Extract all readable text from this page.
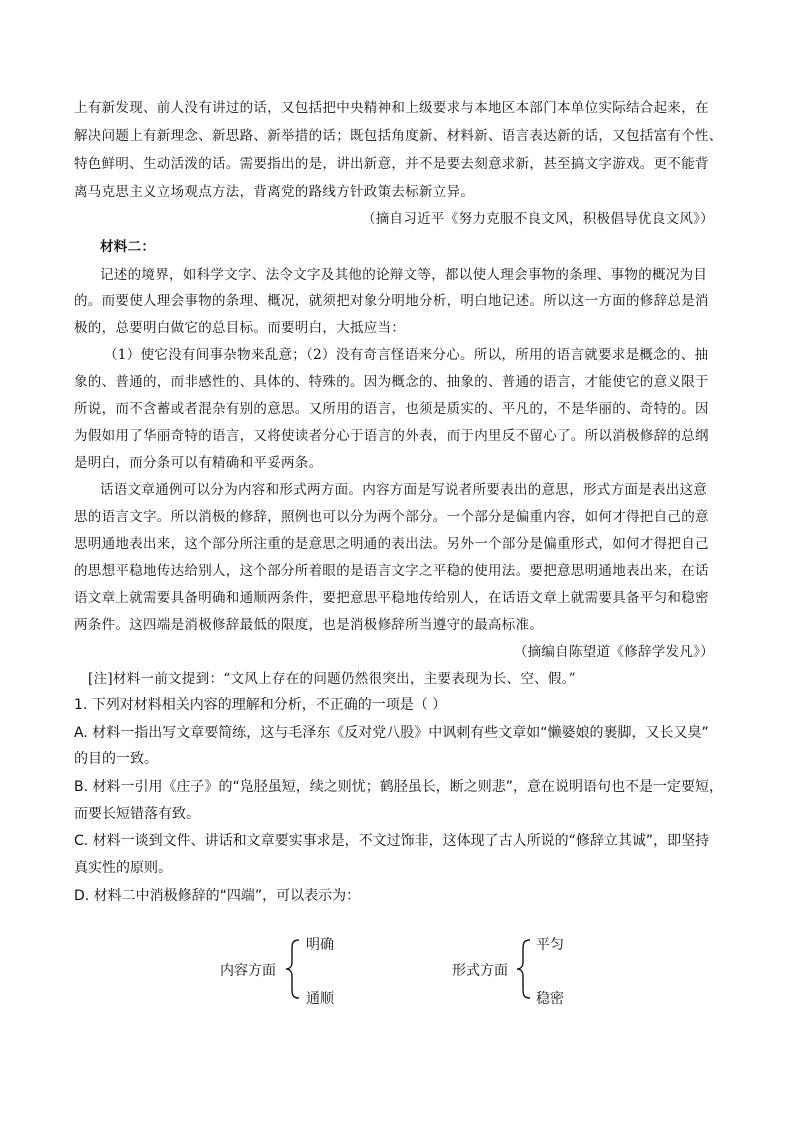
上有新发现、前人没有讲过的话，又包括把中央精神和上级要求与本地区本部门本单位实际结合起来，在
解决问题上有新理念、新思路、新举措的话；既包括角度新、材料新、语言表达新的话，又包括富有个性、
特色鲜明、生动活泼的话。需要指出的是，讲出新意，并不是要去刻意求新，甚至搞文字游戏。更不能背
离马克思主义立场观点方法，背离党的路线方针政策去标新立异。
（摘自习近平《努力克服不良文风，积极倡导优良文风》）
材料二：
记述的境界，如科学文字、法令文字及其他的论辩文等，都以使人理会事物的条理、事物的概况为目
的。而要使人理会事物的条理、概况，就须把对象分明地分析，明白地记述。所以这一方面的修辞总是消
极的，总要明白做它的总目标。而要明白，大抵应当：
（1）使它没有间事杂物来乱意；（2）没有奇言怪语来分心。所以，所用的语言就要求是概念的、抽
象的、普通的，而非感性的、具体的、特殊的。因为概念的、抽象的、普通的语言，才能使它的意义限于
所说，而不含蓄或者混杂有别的意思。又所用的语言，也须是质实的、平凡的，不是华丽的、奇特的。因
为假如用了华丽奇特的语言，又将使读者分心于语言的外表，而于内里反不留心了。所以消极修辞的总纲
是明白，而分条可以有精确和平妥两条。
话语文章通例可以分为内容和形式两方面。内容方面是写说者所要表出的意思，形式方面是表出这意
思的语言文字。所以消极的修辞，照例也可以分为两个部分。一个部分是偏重内容，如何才得把自己的意
思明通地表出来，这个部分所注重的是意思之明通的表出法。另外一个部分是偏重形式，如何才得把自己
的思想平稳地传达给别人，这个部分所着眼的是语言文字之平稳的使用法。要把意思明通地表出来，在话
语文章上就需要具备明确和通顺两条件，要把意思平稳地传给别人，在话语文章上就需要具备平匀和稳密
两条件。这四端是消极修辞最低的限度，也是消极修辞所当遵守的最高标准。
（摘编自陈望道《修辞学发凡》）
[注]材料一前文提到：“文风上存在的问题仍然很突出，主要表现为长、空、假。”
1. 下列对材料相关内容的理解和分析，不正确的一项是（ ）
A. 材料一指出写文章要简练，这与毛泽东《反对党八股》中讽刺有些文章如“懒婆娘的裹脚，又长又臭”
的目的一致。
B. 材料一引用《庄子》的“凫胫虽短，续之则忧；鹤胫虽长，断之则悲”，意在说明语句也不是一定要短，
而要长短错落有致。
C. 材料一谈到文件、讲话和文章要实事求是，不文过饰非，这体现了古人所说的“修辞立其诚”，即坚持
真实性的原则。
D. 材料二中消极修辞的“四端”，可以表示为：
内容方面
明确
通顺
形式方面
平匀
稳密
